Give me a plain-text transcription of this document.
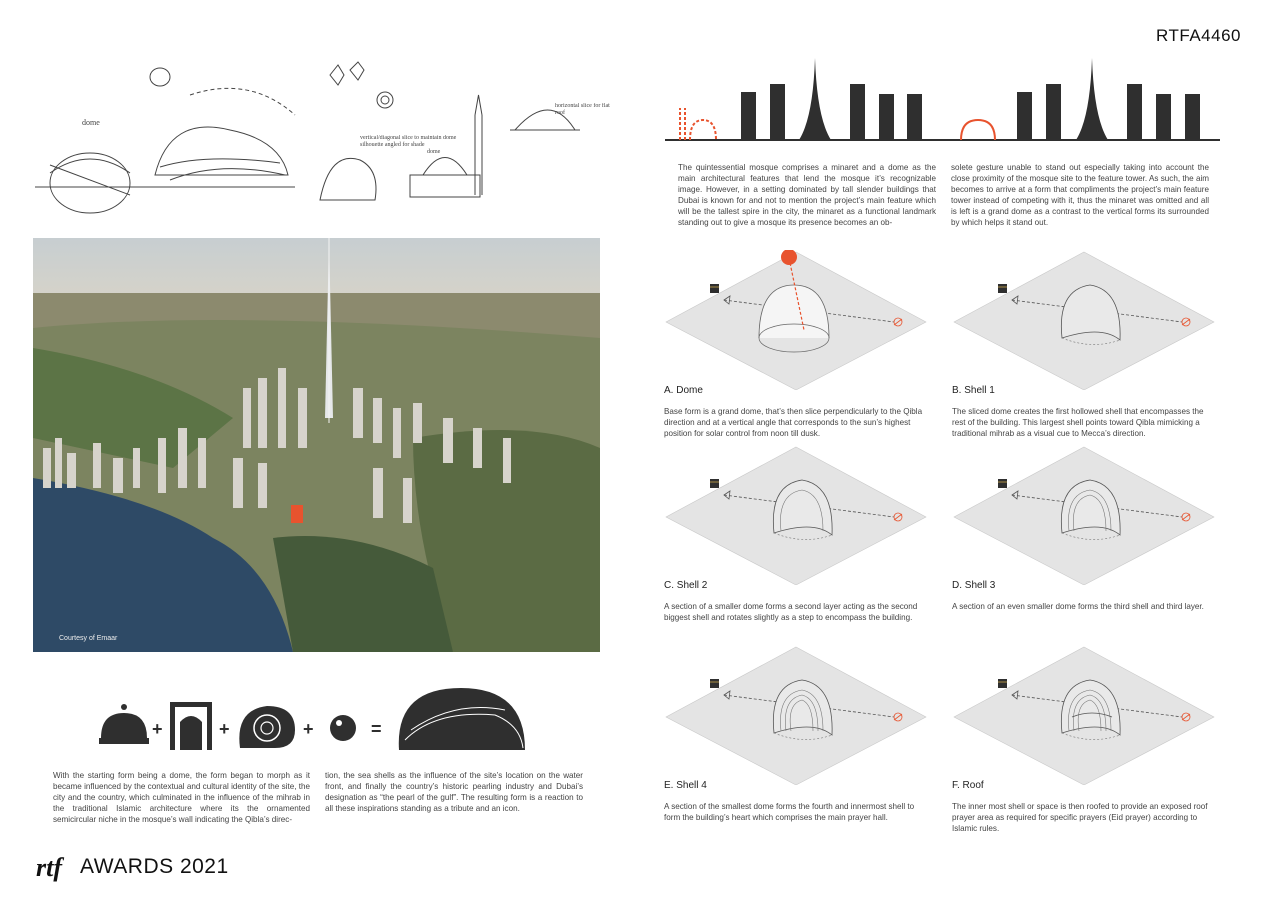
RTFA4460
dome
dome
horizontal slice for flat roof
vertical/diagonal slice to maintain dome silhouette angled for shade
Courtesy of Emaar
+	+	+	=
With the starting form being a dome, the form began to morph as it became influenced by the contextual and cultural identity of the site, the city and the country, which culminated in the influence of the mihrab in the traditional Islamic architecture where its the ornamented semicircular niche in the mosque’s wall indicating the Qibla’s direc-
tion, the sea shells as the influence of the site’s location on the water front, and finally the country’s historic pearling industry and Dubai’s designation as “the pearl of the gulf”. The resulting form is a reaction to all these inspirations standing as a tribute and an icon.
The quintessential mosque comprises a minaret and a dome as the main architectural features that lend the mosque it’s recognizable image. However, in a setting dominated by tall slender buildings that Dubai is known for and not to mention the project’s main feature which will be the tallest spire in the city, the minaret as a functional landmark standing out to give a mosque its presence becomes an ob-
solete gesture unable to stand out especially taking into account the close proximity of the mosque site to the feature tower. As such, the aim becomes to arrive at a form that compliments the project’s main feature tower instead of competing with it, thus the minaret was omitted and all is left is a grand dome as a contrast to the vertical forms its surrounded by which helps it stand out.
A. Dome
Base form is a grand dome, that’s then slice perpendicularly to the Qibla direction and at a vertical angle that corresponds to the sun’s highest position for solar control from noon till dusk.
B. Shell 1
The sliced dome creates the first hollowed shell that encompasses the rest of the building. This largest shell points toward Qibla mimicking a traditional mihrab as a visual cue to Mecca’s direction.
C. Shell 2
A section of a smaller dome forms a second layer acting as the second biggest shell and rotates slightly as a step to encompass the building.
D. Shell 3
A section of an even smaller dome forms the third shell and third layer.
E. Shell 4
A section of the smallest dome forms the fourth and innermost shell to form the building’s heart which comprises the main prayer hall.
F. Roof
The inner most shell or space is then roofed to provide an exposed roof prayer area as required for specific prayers (Eid prayer) according to Islamic rules.
rtf AWARDS 2021
